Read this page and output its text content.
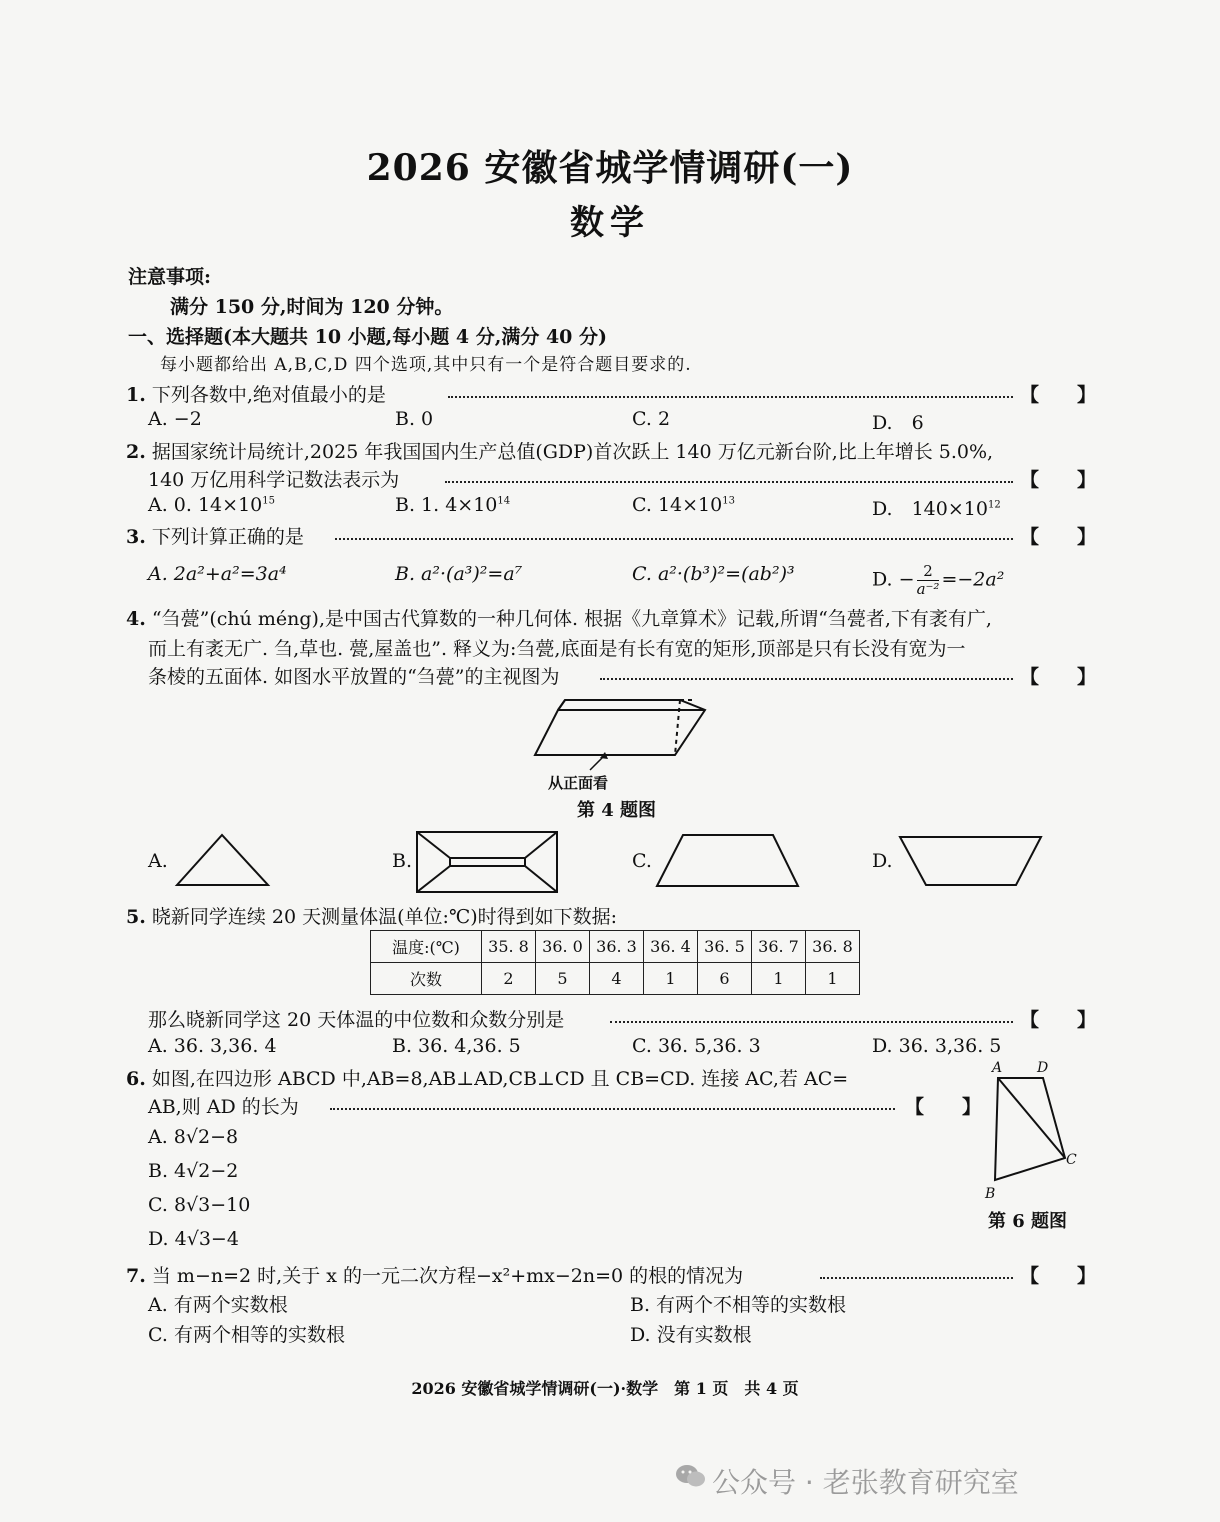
2026 安徽省城学情调研(一)
数学
注意事项:
满分 150 分,时间为 120 分钟。
一、选择题(本大题共 10 小题,每小题 4 分,满分 40 分)
每小题都给出 A,B,C,D 四个选项,其中只有一个是符合题目要求的.
1. 下列各数中,绝对值最小的是	【　　】
A. −2	B. 0	C. 2	D.　6
2. 据国家统计局统计,2025 年我国国内生产总值(GDP)首次跃上 140 万亿元新台阶,比上年增长 5.0%,
140 万亿用科学记数法表示为	【　　】
A. 0. $14\times 10^{15}$	B. 1. $4\times 10^{14}$	C. $14\times 10^{13}$	D.　$140\times 10^{12}$
3. 下列计算正确的是	【　　】
A. 2a²+a²=3a⁴	B. a²·(a³)²=a⁷	C. a²·(b³)²=(ab²)³	D. − $\frac{2}{\text{a⁻²}} =-2a^2$
4. “刍甍”(chú méng),是中国古代算数的一种几何体. 根据《九章算术》记载,所谓“刍甍者,下有袤有广,
而上有袤无广. 刍,草也. 甍,屋盖也”. 释义为:刍甍,底面是有长有宽的矩形,顶部是只有长没有宽为一
条棱的五面体. 如图水平放置的“刍甍”的主视图为	【　　】
从正面看
第 4 题图
A.	B.	C.	D.
5. 晓新同学连续 20 天测量体温(单位:℃)时得到如下数据:
温度:(℃)	35. 8	36. 0	36. 3	36. 4	36. 5	36. 7	36. 8
次数	2	5	4	1	6	1	1
那么晓新同学这 20 天体温的中位数和众数分别是	【　　】
A. 36. 3,36. 4	B. 36. 4,36. 5	C. 36. 5,36. 3	D. 36. 3,36. 5
6. 如图,在四边形 ABCD 中,AB=8,AB⊥AD,CB⊥CD 且 CB=CD. 连接 AC,若 AC=
AB,则 AD 的长为	【　　】
A. 8√2−8
B. 4√2−2
C. 8√3−10
D. 4√3−4
A D
C
B
第 6 题图
7. 当 m−n=2 时,关于 x 的一元二次方程−x²+mx−2n=0 的根的情况为	【　　】
A. 有两个实数根	B. 有两个不相等的实数根
C. 有两个相等的实数根	D. 没有实数根
2026 安徽省城学情调研(一)·数学　第 1 页　共 4 页
公众号 · 老张教育研究室
